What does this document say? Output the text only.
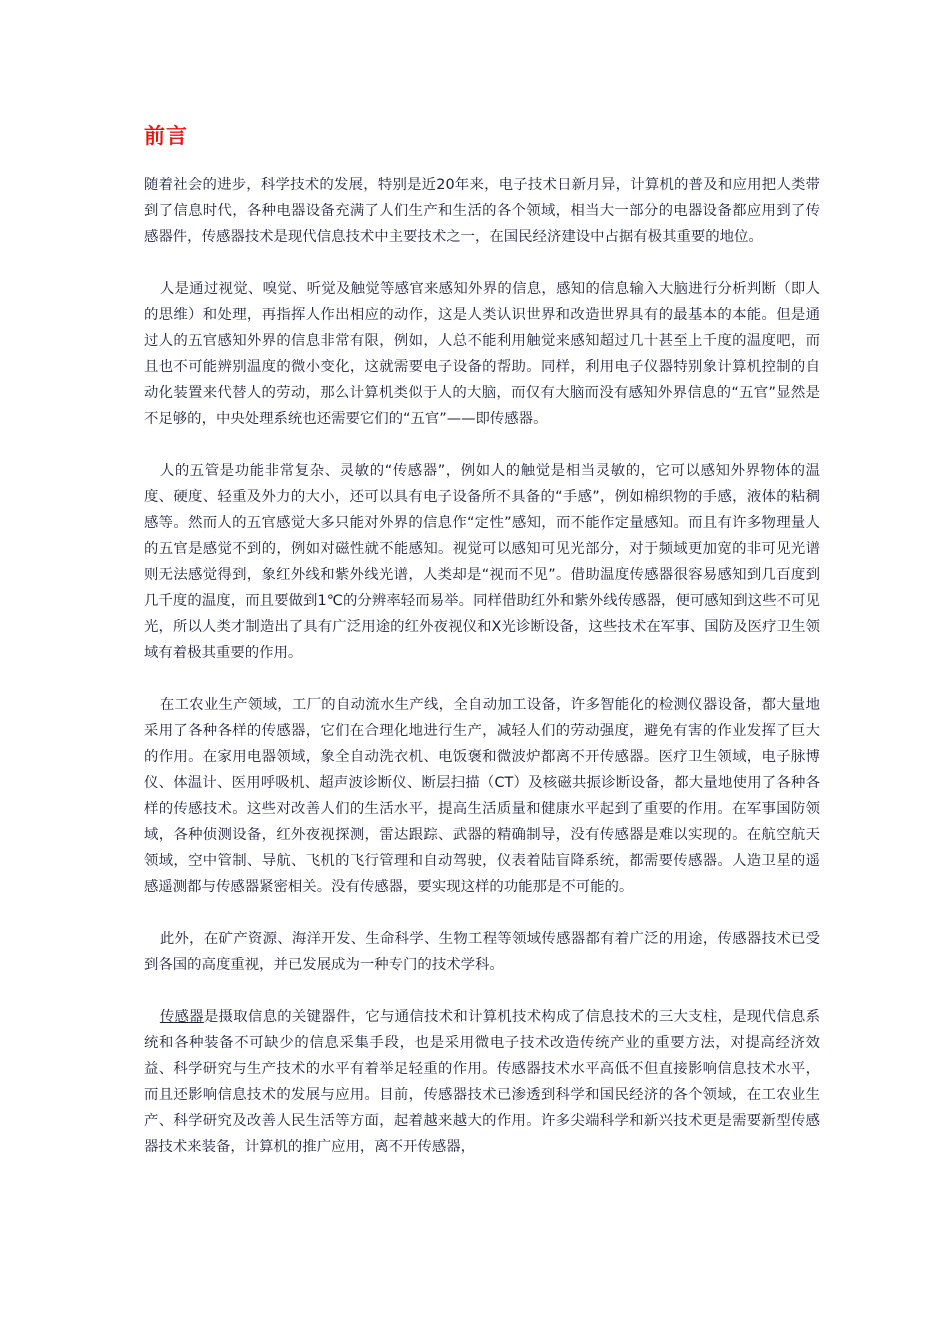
前言

随着社会的进步，科学技术的发展，特别是近20年来，电子技术日新月异，计算机的普及和应用把人类带到了信息时代，各种电器设备充满了人们生产和生活的各个领域，相当大一部分的电器设备都应用到了传感器件，传感器技术是现代信息技术中主要技术之一，在国民经济建设中占据有极其重要的地位。

人是通过视觉、嗅觉、听觉及触觉等感官来感知外界的信息，感知的信息输入大脑进行分析判断（即人的思维）和处理，再指挥人作出相应的动作，这是人类认识世界和改造世界具有的最基本的本能。但是通过人的五官感知外界的信息非常有限，例如，人总不能利用触觉来感知超过几十甚至上千度的温度吧，而且也不可能辨别温度的微小变化，这就需要电子设备的帮助。同样，利用电子仪器特别象计算机控制的自动化装置来代替人的劳动，那么计算机类似于人的大脑，而仅有大脑而没有感知外界信息的“五官”显然是不足够的，中央处理系统也还需要它们的“五官”——即传感器。

人的五管是功能非常复杂、灵敏的“传感器”，例如人的触觉是相当灵敏的，它可以感知外界物体的温度、硬度、轻重及外力的大小，还可以具有电子设备所不具备的“手感”，例如棉织物的手感，液体的粘稠感等。然而人的五官感觉大多只能对外界的信息作“定性”感知，而不能作定量感知。而且有许多物理量人的五官是感觉不到的，例如对磁性就不能感知。视觉可以感知可见光部分，对于频域更加宽的非可见光谱则无法感觉得到，象红外线和紫外线光谱，人类却是“视而不见”。借助温度传感器很容易感知到几百度到几千度的温度，而且要做到1℃的分辨率轻而易举。同样借助红外和紫外线传感器，便可感知到这些不可见光，所以人类才制造出了具有广泛用途的红外夜视仪和X光诊断设备，这些技术在军事、国防及医疗卫生领域有着极其重要的作用。

在工农业生产领域，工厂的自动流水生产线，全自动加工设备，许多智能化的检测仪器设备，都大量地采用了各种各样的传感器，它们在合理化地进行生产，减轻人们的劳动强度，避免有害的作业发挥了巨大的作用。在家用电器领域，象全自动洗衣机、电饭褒和微波炉都离不开传感器。医疗卫生领域，电子脉博仪、体温计、医用呼吸机、超声波诊断仪、断层扫描（CT）及核磁共振诊断设备，都大量地使用了各种各样的传感技术。这些对改善人们的生活水平，提高生活质量和健康水平起到了重要的作用。在军事国防领域，各种侦测设备，红外夜视探测，雷达跟踪、武器的精确制导，没有传感器是难以实现的。在航空航天领域，空中管制、导航、飞机的飞行管理和自动驾驶，仪表着陆盲降系统，都需要传感器。人造卫星的遥感遥测都与传感器紧密相关。没有传感器，要实现这样的功能那是不可能的。

此外，在矿产资源、海洋开发、生命科学、生物工程等领域传感器都有着广泛的用途，传感器技术已受到各国的高度重视，并已发展成为一种专门的技术学科。

传感器是摄取信息的关键器件，它与通信技术和计算机技术构成了信息技术的三大支柱，是现代信息系统和各种装备不可缺少的信息采集手段，也是采用微电子技术改造传统产业的重要方法，对提高经济效益、科学研究与生产技术的水平有着举足轻重的作用。传感器技术水平高低不但直接影响信息技术水平，而且还影响信息技术的发展与应用。目前，传感器技术已渗透到科学和国民经济的各个领域，在工农业生产、科学研究及改善人民生活等方面，起着越来越大的作用。许多尖端科学和新兴技术更是需要新型传感器技术来装备，计算机的推广应用，离不开传感器，
